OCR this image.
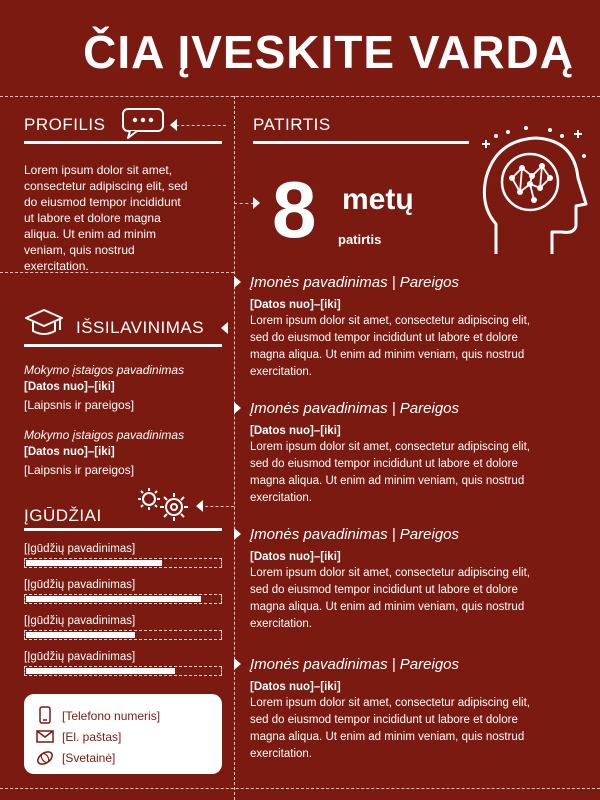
ČIA ĮVESKITE VARDĄ
PROFILIS
Lorem ipsum dolor sit amet,
consectetur adipiscing elit, sed
do eiusmod tempor incididunt
ut labore et dolore magna
aliqua. Ut enim ad minim
veniam, quis nostrud
exercitation.
PATIRTIS
8 metų
patirtis
Įmonės pavadinimas | Pareigos
[Datos nuo]–[iki]
Lorem ipsum dolor sit amet, consectetur adipiscing elit,
sed do eiusmod tempor incididunt ut labore et dolore
magna aliqua. Ut enim ad minim veniam, quis nostrud
exercitation.
Įmonės pavadinimas | Pareigos
[Datos nuo]–[iki]
Lorem ipsum dolor sit amet, consectetur adipiscing elit,
sed do eiusmod tempor incididunt ut labore et dolore
magna aliqua. Ut enim ad minim veniam, quis nostrud
exercitation.
Įmonės pavadinimas | Pareigos
[Datos nuo]–[iki]
Lorem ipsum dolor sit amet, consectetur adipiscing elit,
sed do eiusmod tempor incididunt ut labore et dolore
magna aliqua. Ut enim ad minim veniam, quis nostrud
exercitation.
Įmonės pavadinimas | Pareigos
[Datos nuo]–[iki]
Lorem ipsum dolor sit amet, consectetur adipiscing elit,
sed do eiusmod tempor incididunt ut labore et dolore
magna aliqua. Ut enim ad minim veniam, quis nostrud
exercitation.
IŠSILAVINIMAS
Mokymo įstaigos pavadinimas
[Datos nuo]–[iki]
[Laipsnis ir pareigos]
Mokymo įstaigos pavadinimas
[Datos nuo]–[iki]
[Laipsnis ir pareigos]
ĮGŪDŽIAI
[Įgūdžių pavadinimas]
[Įgūdžių pavadinimas]
[Įgūdžių pavadinimas]
[Įgūdžių pavadinimas]
[Telefono numeris]
[El. paštas]
[Svetainė]
